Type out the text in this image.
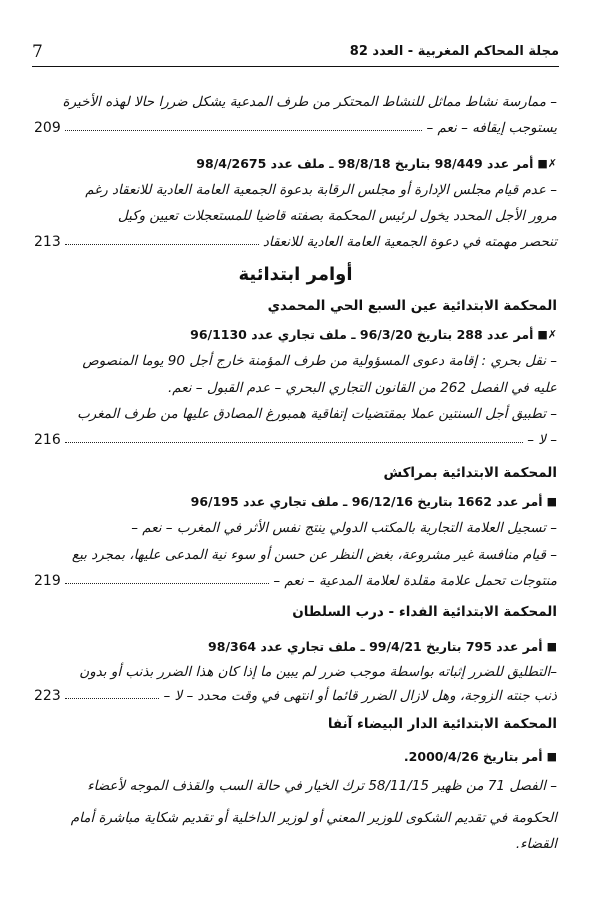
7	مجلة المحاكم المغربية - العدد 82
– ممارسة نشاط مماثل للنشاط المحتكر من طرف المدعية يشكل ضررا حالا لهذه الأخيرة
يستوجب إيقافه – نعم –
209
✗■
أمر عدد 98/449 بتاريخ 98/8/18 ـ ملف عدد 98/4/2675
– عدم قيام مجلس الإدارة أو مجلس الرقابة بدعوة الجمعية العامة العادية للانعقاد رغم
مرور الأجل المحدد يخول لرئيس المحكمة بصفته قاضيا للمستعجلات تعيين وكيل
تنحصر مهمته في دعوة الجمعية العامة العادية للانعقاد
213
أوامر ابتدائية
المحكمة الابتدائية عين السبع الحي المحمدي
✗■
أمر عدد 288 بتاريخ 96/3/20 ـ ملف تجاري عدد 96/1130
– نقل بحري : إقامة دعوى المسؤولية من طرف المؤمنة خارج أجل 90 يوما المنصوص
عليه في الفصل 262 من القانون التجاري البحري – عدم القبول – نعم.
– تطبيق أجل السنتين عملا بمقتضيات إتفاقية همبورغ المصادق عليها من طرف المغرب
– لا –
216
المحكمة الابتدائية بمراكش
■
أمر عدد 1662 بتاريخ 96/12/16 ـ ملف تجاري عدد 96/195
– تسجيل العلامة التجارية بالمكتب الدولي ينتج نفس الأثر في المغرب – نعم –
– قيام منافسة غير مشروعة، بغض النظر عن حسن أو سوء نية المدعى عليها، بمجرد بيع
منتوجات تحمل علامة مقلدة لعلامة المدعية – نعم –
219
المحكمة الابتدائية الفداء - درب السلطان
■
أمر عدد 795 بتاريخ 99/4/21 ـ ملف تجاري عدد 98/364
–التطليق للضرر إثباته بواسطة موجب ضرر لم يبين ما إذا كان هذا الضرر بذنب أو بدون
ذنب جنته الزوجة، وهل لازال الضرر قائما أو انتهى في وقت محدد – لا –
223
المحكمة الابتدائية الدار البيضاء آنفا
■
أمر بتاريخ 2000/4/26.
– الفصل 71 من ظهير 58/11/15 ترك الخيار في حالة السب والقذف الموجه لأعضاء
الحكومة في تقديم الشكوى للوزير المعني أو لوزير الداخلية أو تقديم شكاية مباشرة أمام
القضاء.
